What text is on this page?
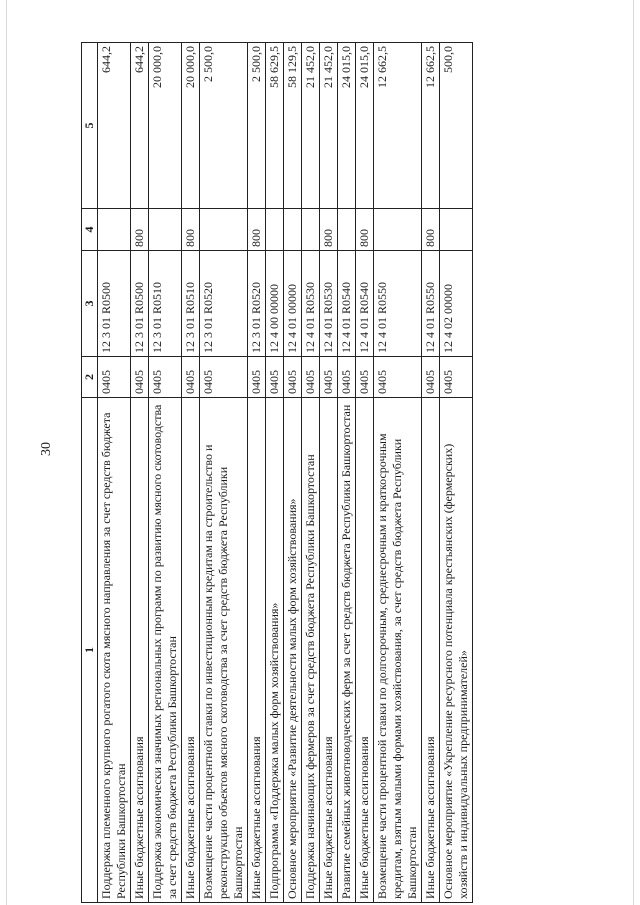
30
1	2	3	4	5
Поддержка племенного крупного рогатого скота мясного направления за счет средств бюджета Республики Башкортостан	0405	12 3 01 R0500		644,2
Иные бюджетные ассигнования	0405	12 3 01 R0500	800	644,2
Поддержка экономически значимых региональных программ по развитию мясного скотоводства за счет средств бюджета Республики Башкортостан	0405	12 3 01 R0510		20 000,0
Иные бюджетные ассигнования	0405	12 3 01 R0510	800	20 000,0
Возмещение части процентной ставки по инвестиционным кредитам на строительство и реконструкцию объектов мясного скотоводства за счет средств бюджета Республики Башкортостан	0405	12 3 01 R0520		2 500,0
Иные бюджетные ассигнования	0405	12 3 01 R0520	800	2 500,0
Подпрограмма «Поддержка малых форм хозяйствования»	0405	12 4 00 00000		58 629,5
Основное мероприятие «Развитие деятельности малых форм хозяйствования»	0405	12 4 01 00000		58 129,5
Поддержка начинающих фермеров за счет средств бюджета Республики Башкортостан	0405	12 4 01 R0530		21 452,0
Иные бюджетные ассигнования	0405	12 4 01 R0530	800	21 452,0
Развитие семейных животноводческих ферм за счет средств бюджета Республики Башкортостан	0405	12 4 01 R0540		24 015,0
Иные бюджетные ассигнования	0405	12 4 01 R0540	800	24 015,0
Возмещение части процентной ставки по долгосрочным, среднесрочным и краткосрочным кредитам, взятым малыми формами хозяйствования, за счет средств бюджета Республики Башкортостан	0405	12 4 01 R0550		12 662,5
Иные бюджетные ассигнования	0405	12 4 01 R0550	800	12 662,5
Основное мероприятие «Укрепление ресурсного потенциала крестьянских (фермерских) хозяйств и индивидуальных предпринимателей»	0405	12 4 02 00000		500,0
